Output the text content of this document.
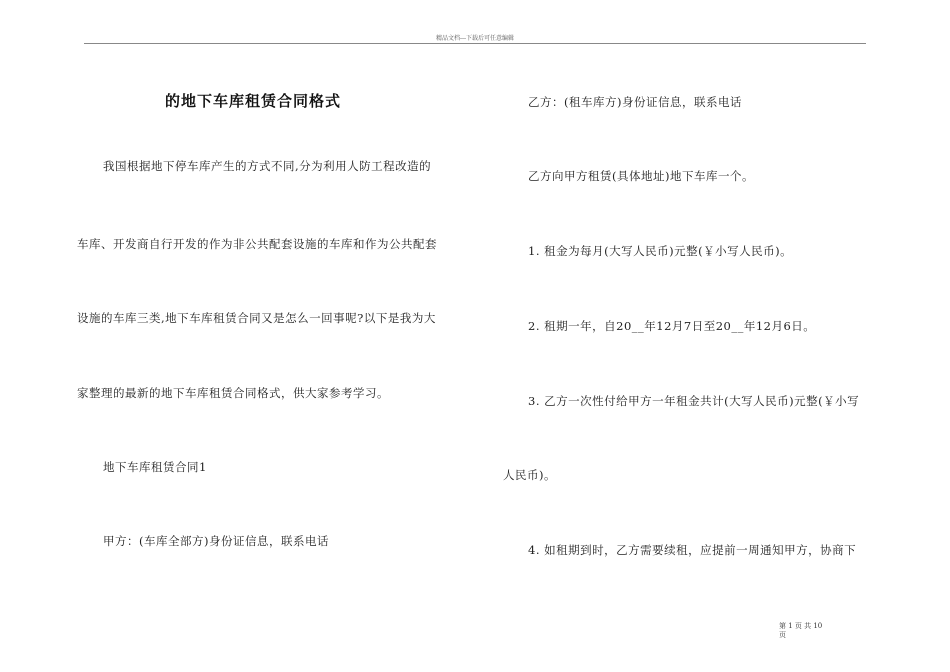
精品文档---下载后可任意编辑
的地下车库租赁合同格式
我国根据地下停车库产生的方式不同,分为利用人防工程改造的
车库、开发商自行开发的作为非公共配套设施的车库和作为公共配套
设施的车库三类,地下车库租赁合同又是怎么一回事呢?以下是我为大
家整理的最新的地下车库租赁合同格式，供大家参考学习。
地下车库租赁合同1
甲方：(车库全部方)身份证信息，联系电话
乙方：(租车库方)身份证信息，联系电话
乙方向甲方租赁(具体地址)地下车库一个。
1. 租金为每月(大写人民币)元整(￥小写人民币)。
2. 租期一年，自20__年12月7日至20__年12月6日。
3. 乙方一次性付给甲方一年租金共计(大写人民币)元整(￥小写
人民币)。
4. 如租期到时，乙方需要续租，应提前一周通知甲方，协商下
第 1 页 共 10
页
